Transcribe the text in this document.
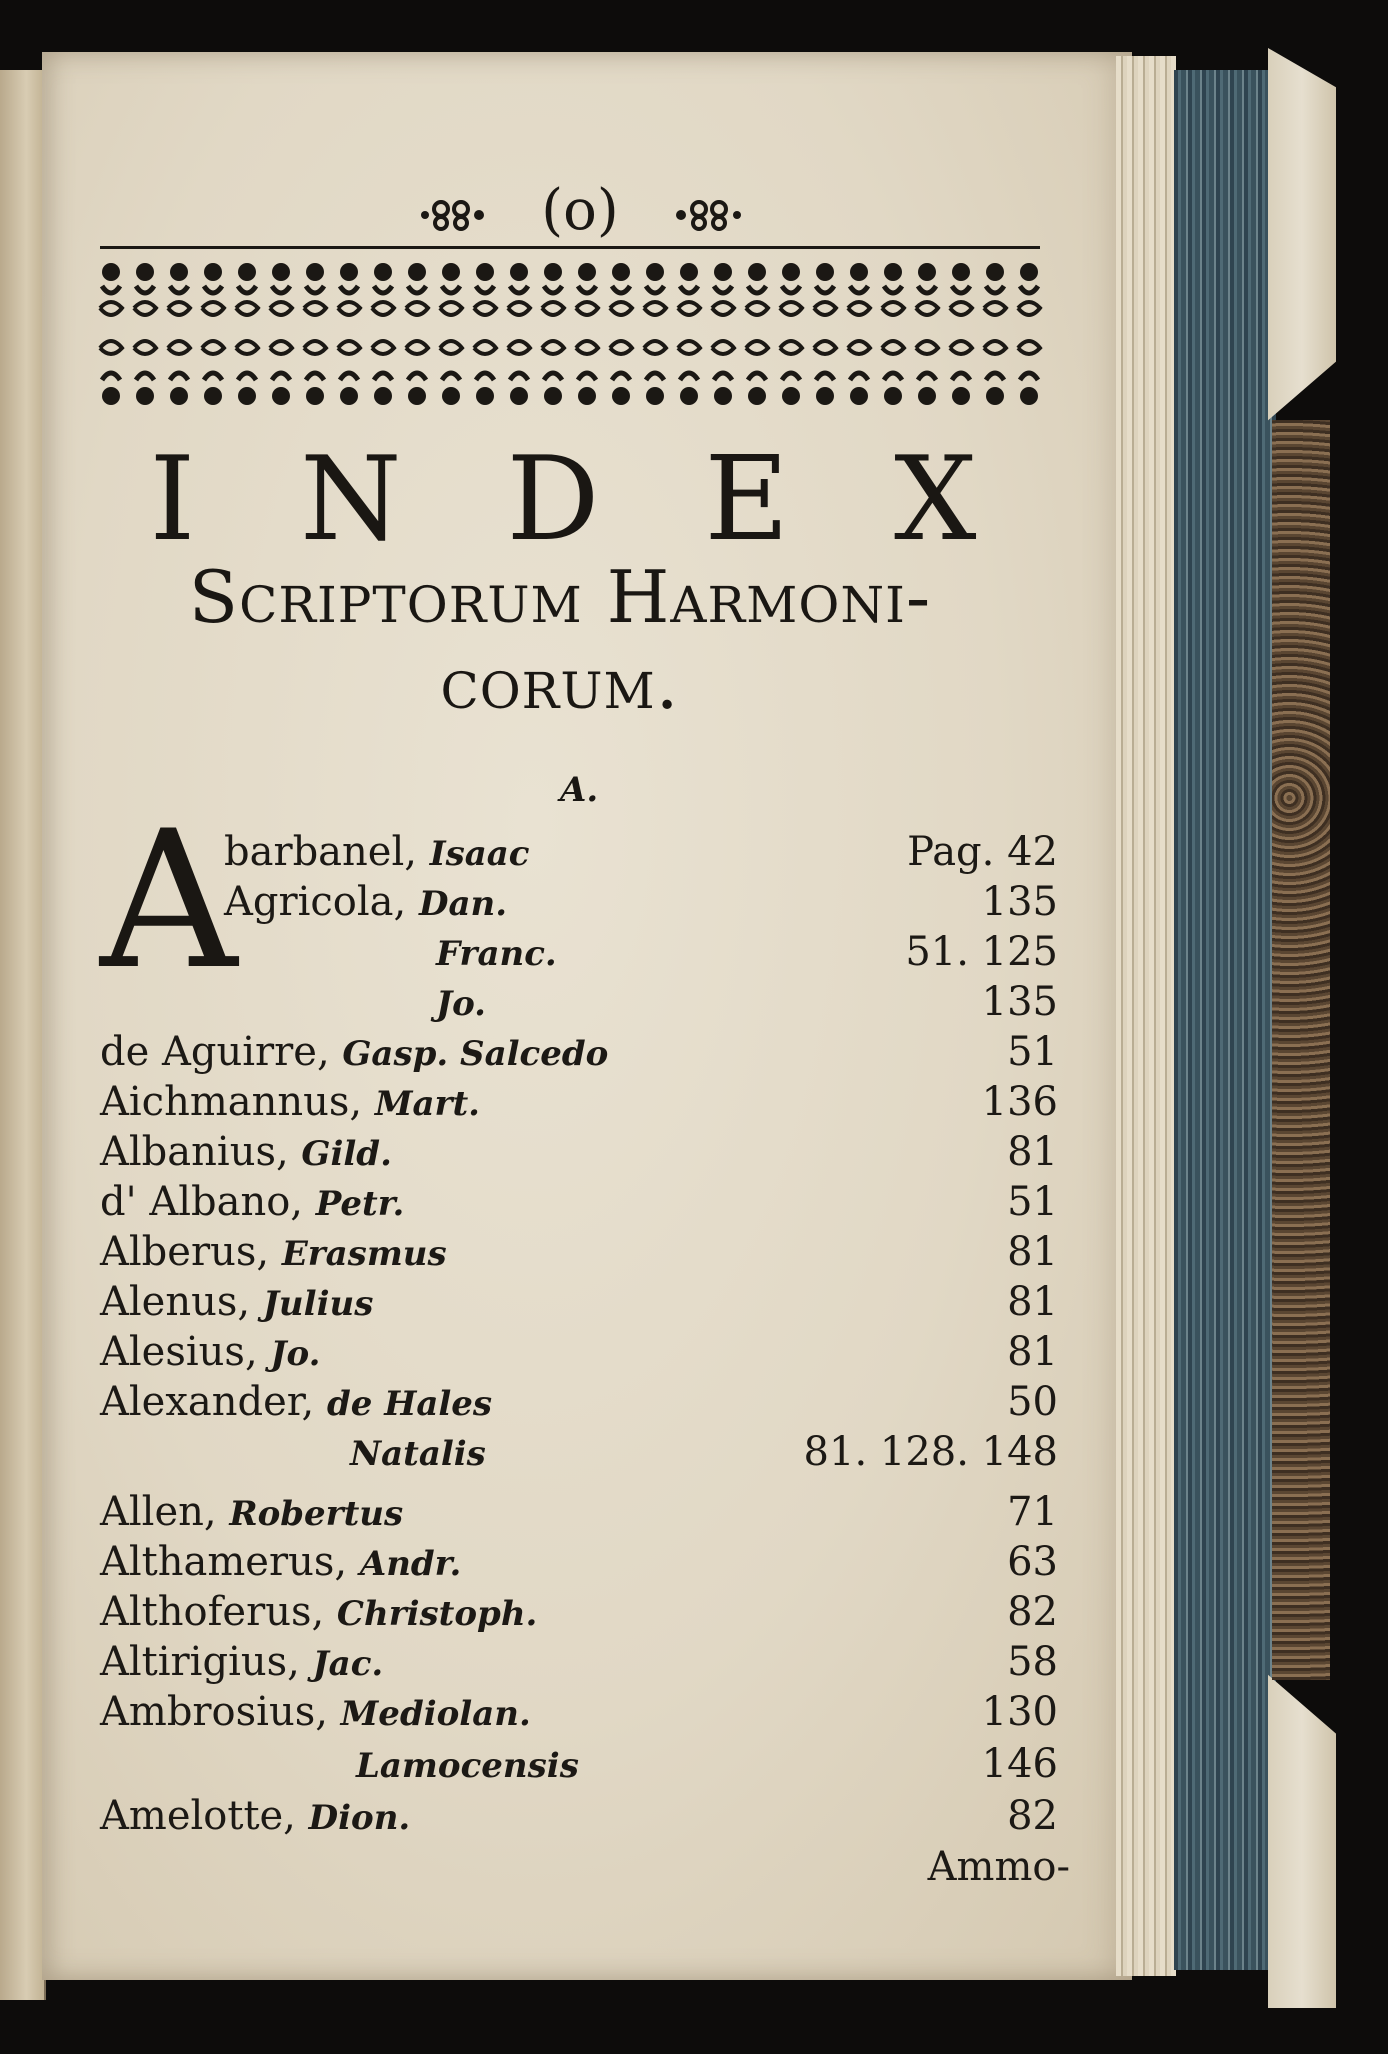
(o)
I N D E X
Scriptorum Harmoni-
corum.
A.
A
barbanel, Isaac	Pag. 42
Agricola, Dan.	135
Franc.	51. 125
Jo.	135
de Aguirre, Gasp. Salcedo	51
Aichmannus, Mart.	136
Albanius, Gild.	81
d' Albano, Petr.	51
Alberus, Erasmus	81
Alenus, Julius	81
Alesius, Jo.	81
Alexander, de Hales	50
Natalis	81. 128. 148
Allen, Robertus	71
Althamerus, Andr.	63
Althoferus, Christoph.	82
Altirigius, Jac.	58
Ambrosius, Mediolan.	130
Lamocensis	146
Amelotte, Dion.	82
Ammo-
